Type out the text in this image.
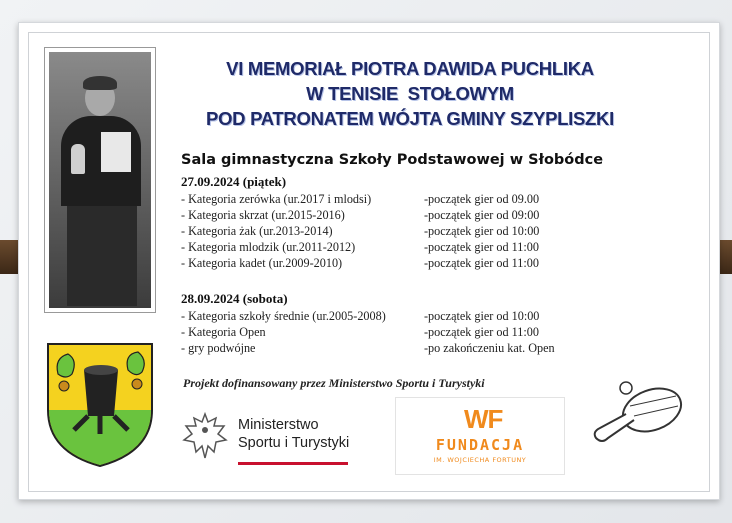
VI MEMORIAŁ PIOTRA DAWIDA PUCHLIKA
W TENISIE  STOŁOWYM
POD PATRONATEM WÓJTA GMINY SZYPLISZKI
Sala gimnastyczna Szkoły Podstawowej w Słobódce
27.09.2024 (piątek)
- Kategoria zerówka (ur.2017 i mlodsi)	-początek gier od 09.00
- Kategoria skrzat (ur.2015-2016)	-początek gier od 09:00
- Kategoria żak (ur.2013-2014)	-początek gier od 10:00
- Kategoria mlodzik (ur.2011-2012)	-początek gier od 11:00
- Kategoria kadet (ur.2009-2010)	-początek gier od 11:00
28.09.2024 (sobota)
- Kategoria szkoły średnie (ur.2005-2008)	-początek gier od 10:00
- Kategoria Open	-początek gier od 11:00
- gry podwójne	-po zakończeniu kat. Open
Projekt dofinansowany przez Ministerstwo Sportu i Turystyki
Ministerstwo
Sportu i Turystyki
WF
FUNDACJA
IM. WOJCIECHA FORTUNY
